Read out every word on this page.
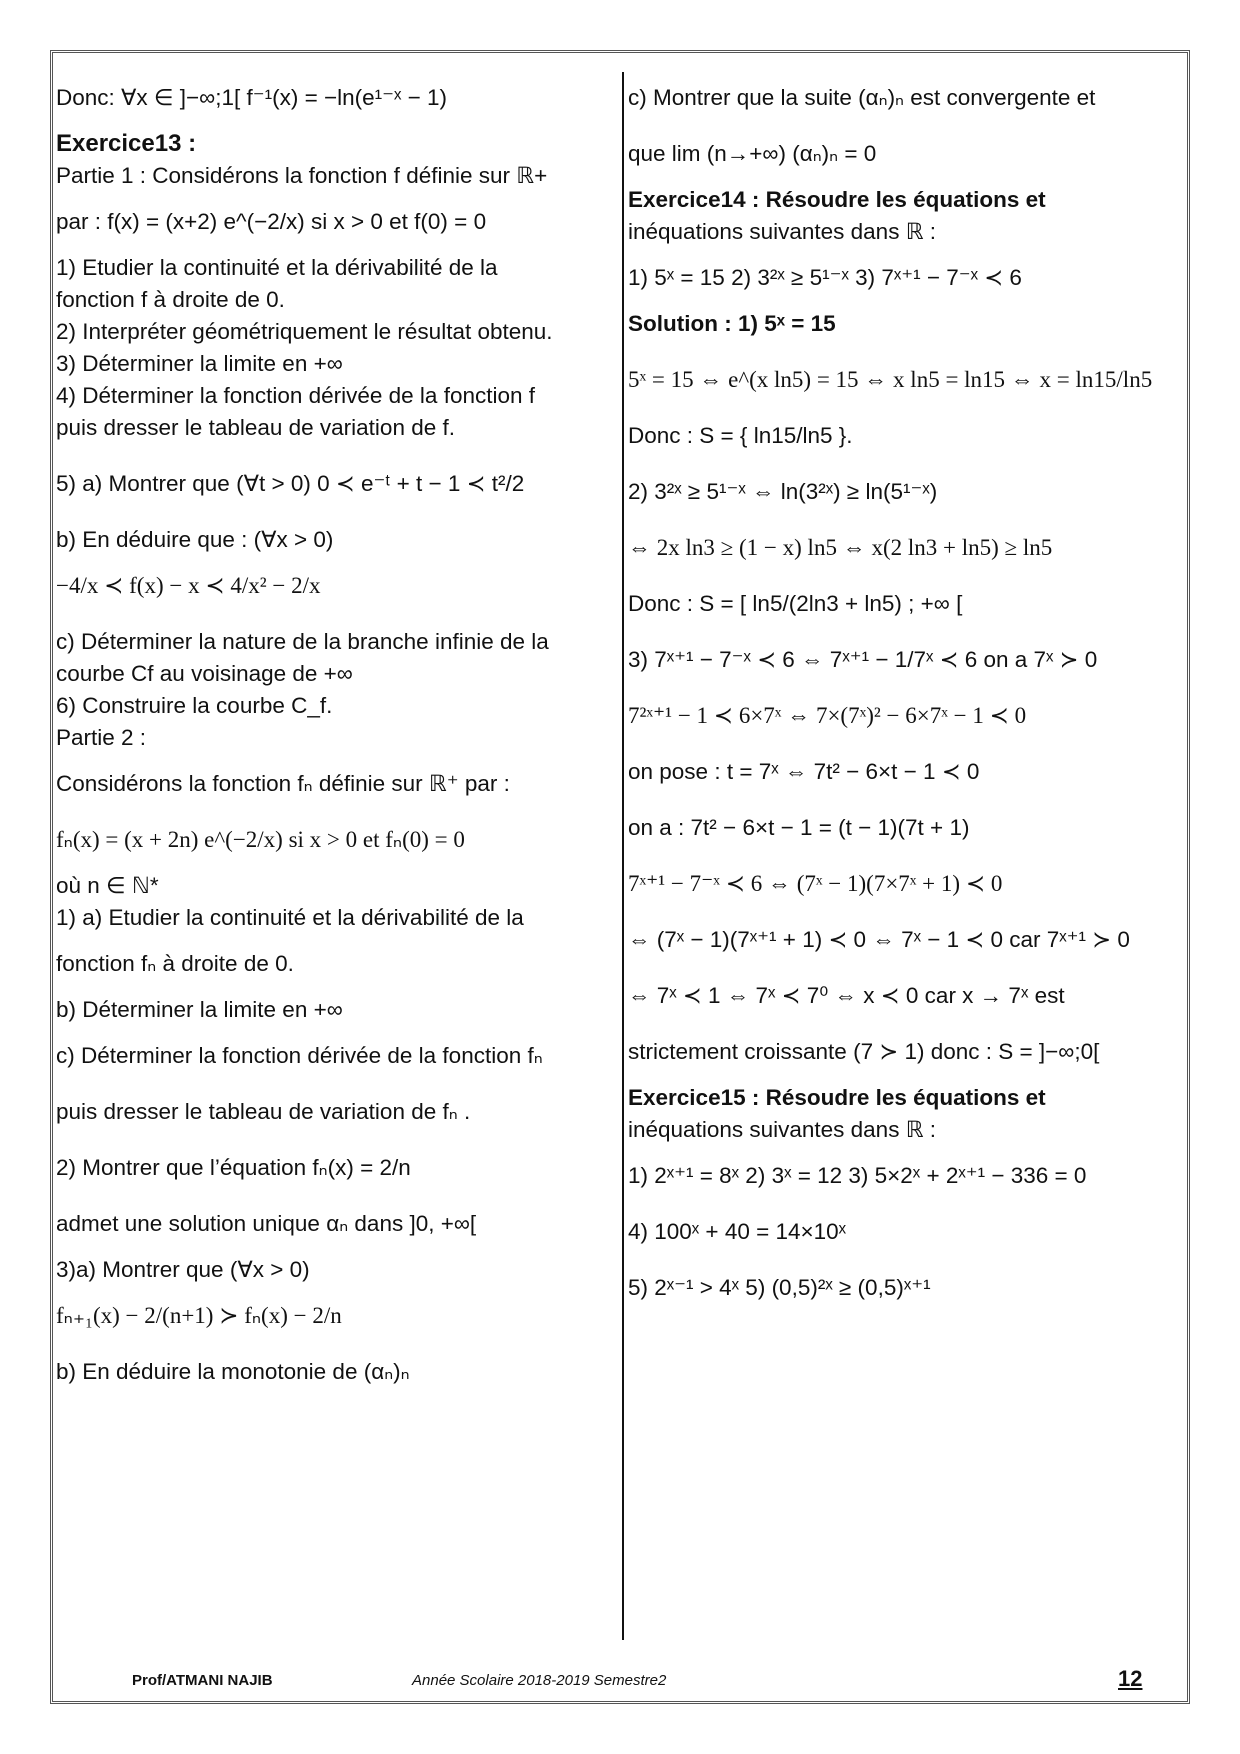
Donc: ∀x ∈ ]−∞;1[ f⁻¹(x) = −ln(e¹⁻ˣ − 1)
Exercice13 :
Partie 1 : Considérons la fonction f définie sur ℝ+
par : f(x) = (x+2) e^(−2/x) si x > 0 et f(0) = 0
1) Etudier la continuité et la dérivabilité de la
fonction f à droite de 0.
2) Interpréter géométriquement le résultat obtenu.
3) Déterminer la limite en +∞
4) Déterminer la fonction dérivée de la fonction f
puis dresser le tableau de variation de f.
5) a) Montrer que (∀t > 0) 0 ≺ e⁻ᵗ + t − 1 ≺ t²/2
b) En déduire que : (∀x > 0)
−4/x ≺ f(x) − x ≺ 4/x² − 2/x
c) Déterminer la nature de la branche infinie de la
courbe Cf au voisinage de +∞
6) Construire la courbe C_f.
Partie 2 :
Considérons la fonction fₙ définie sur ℝ⁺ par :
fₙ(x) = (x + 2n) e^(−2/x) si x > 0 et fₙ(0) = 0
où n ∈ ℕ*
1) a) Etudier la continuité et la dérivabilité de la
fonction fₙ à droite de 0.
b) Déterminer la limite en +∞
c) Déterminer la fonction dérivée de la fonction fₙ
puis dresser le tableau de variation de fₙ .
2) Montrer que l’équation fₙ(x) = 2/n
admet une solution unique αₙ dans ]0, +∞[
3)a) Montrer que (∀x > 0)
fₙ₊₁(x) − 2/(n+1) ≻ fₙ(x) − 2/n
b) En déduire la monotonie de (αₙ)ₙ
c) Montrer que la suite (αₙ)ₙ est convergente et
que lim (n→+∞) (αₙ)ₙ = 0
Exercice14 : Résoudre les équations et
inéquations suivantes dans ℝ :
1) 5ˣ = 15 2) 3²ˣ ≥ 5¹⁻ˣ 3) 7ˣ⁺¹ − 7⁻ˣ ≺ 6
Solution : 1) 5ˣ = 15
5ˣ = 15 ⇔ e^(x ln5) = 15 ⇔ x ln5 = ln15 ⇔ x = ln15/ln5
Donc : S = { ln15/ln5 }.
2) 3²ˣ ≥ 5¹⁻ˣ ⇔ ln(3²ˣ) ≥ ln(5¹⁻ˣ)
⇔ 2x ln3 ≥ (1 − x) ln5 ⇔ x(2 ln3 + ln5) ≥ ln5
Donc : S = [ ln5/(2ln3 + ln5) ; +∞ [
3) 7ˣ⁺¹ − 7⁻ˣ ≺ 6 ⇔ 7ˣ⁺¹ − 1/7ˣ ≺ 6 on a 7ˣ ≻ 0
7²ˣ⁺¹ − 1 ≺ 6×7ˣ ⇔ 7×(7ˣ)² − 6×7ˣ − 1 ≺ 0
on pose : t = 7ˣ ⇔ 7t² − 6×t − 1 ≺ 0
on a : 7t² − 6×t − 1 = (t − 1)(7t + 1)
7ˣ⁺¹ − 7⁻ˣ ≺ 6 ⇔ (7ˣ − 1)(7×7ˣ + 1) ≺ 0
⇔ (7ˣ − 1)(7ˣ⁺¹ + 1) ≺ 0 ⇔ 7ˣ − 1 ≺ 0 car 7ˣ⁺¹ ≻ 0
⇔ 7ˣ ≺ 1 ⇔ 7ˣ ≺ 7⁰ ⇔ x ≺ 0 car x → 7ˣ est
strictement croissante (7 ≻ 1) donc : S = ]−∞;0[
Exercice15 : Résoudre les équations et
inéquations suivantes dans ℝ :
1) 2ˣ⁺¹ = 8ˣ 2) 3ˣ = 12 3) 5×2ˣ + 2ˣ⁺¹ − 336 = 0
4) 100ˣ + 40 = 14×10ˣ
5) 2ˣ⁻¹ > 4ˣ 5) (0,5)²ˣ ≥ (0,5)ˣ⁺¹
Prof/ATMANI NAJIB	Année Scolaire 2018-2019 Semestre2	12
